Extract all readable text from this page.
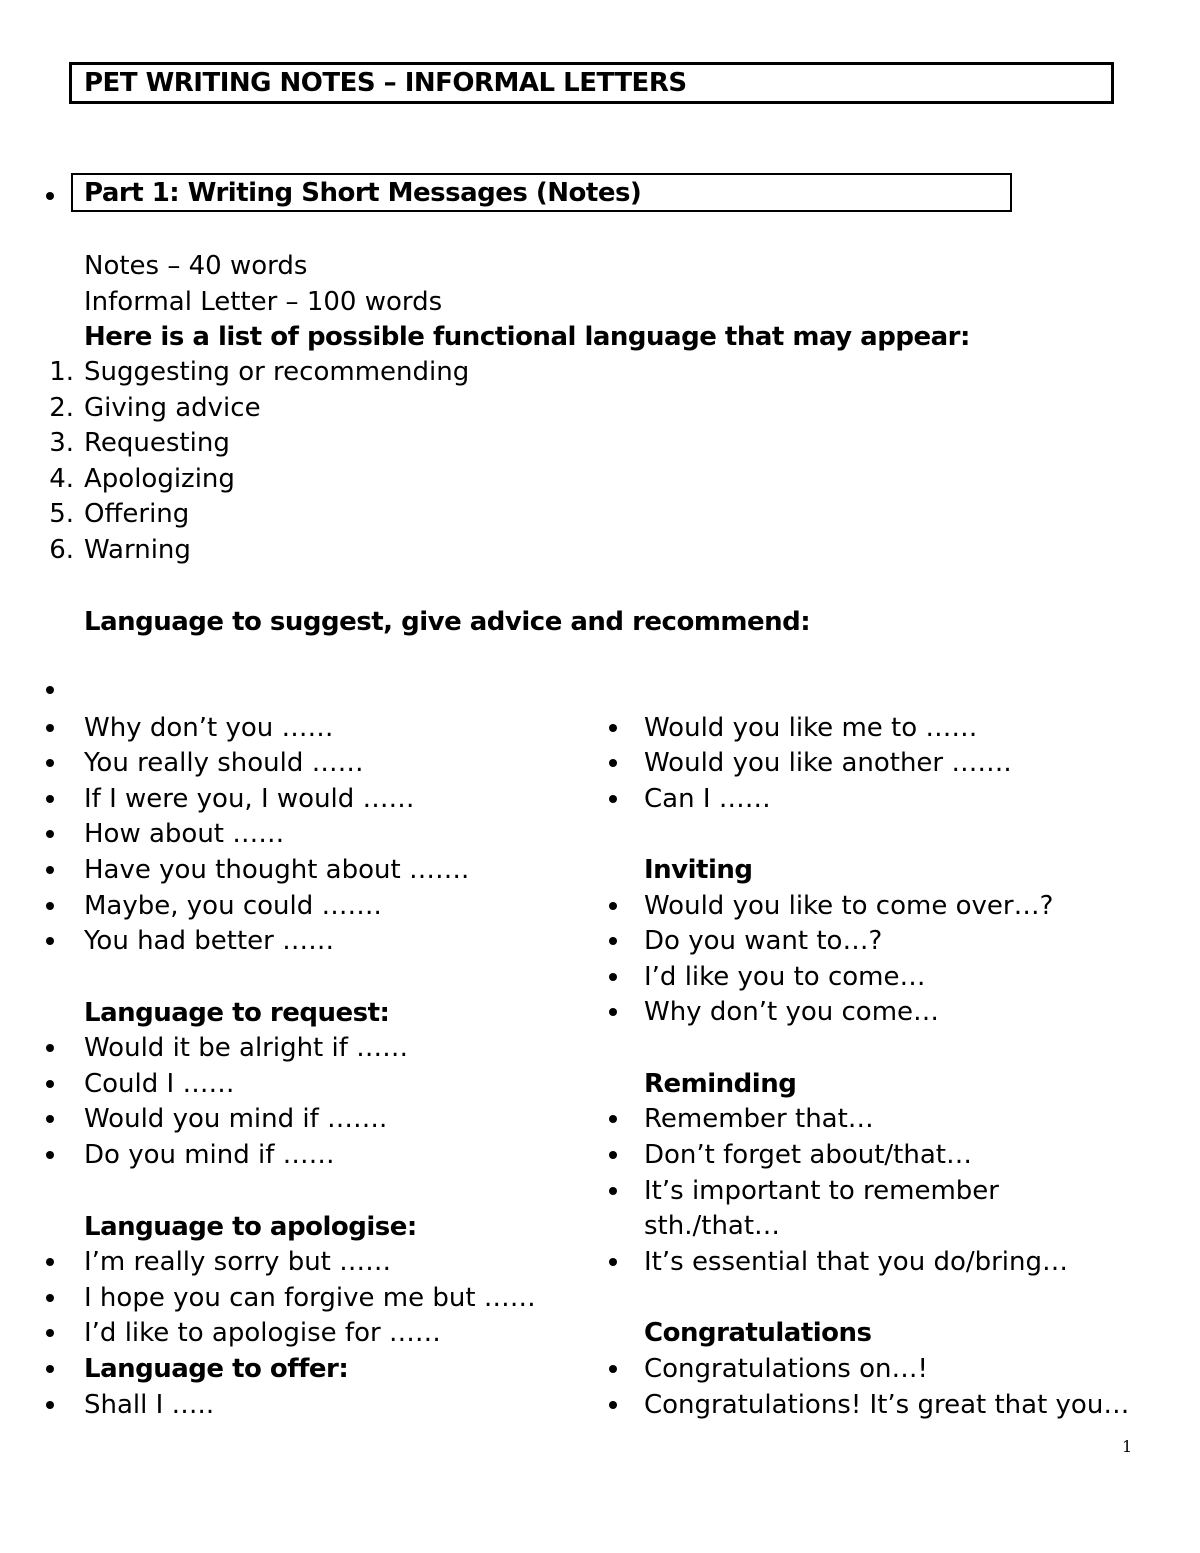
PET WRITING NOTES – INFORMAL LETTERS
Part 1: Writing Short Messages (Notes)
Notes – 40 words
Informal Letter – 100 words
Here is a list of possible functional language that may appear:
1. Suggesting or recommending
2. Giving advice
3. Requesting
4. Apologizing
5. Offering
6. Warning
Language to suggest, give advice and recommend:
Why don’t you ……
You really should ……
If I were you, I would ……
How about ……
Have you thought about …….
Maybe, you could …….
You had better ……
Language to request:
Would it be alright if ……
Could I ……
Would you mind if …….
Do you mind if ……
Language to apologise:
I’m really sorry but ……
I hope you can forgive me but ……
I’d like to apologise for ……
Language to offer:
Shall I …..
Would you like me to ……
Would you like another …….
Can I ……
Inviting
Would you like to come over…?
Do you want to…?
I’d like you to come…
Why don’t you come…
Reminding
Remember that…
Don’t forget about/that…
It’s important to remember
sth./that…
It’s essential that you do/bring…
Congratulations
Congratulations on…!
Congratulations! It’s great that you…
1
